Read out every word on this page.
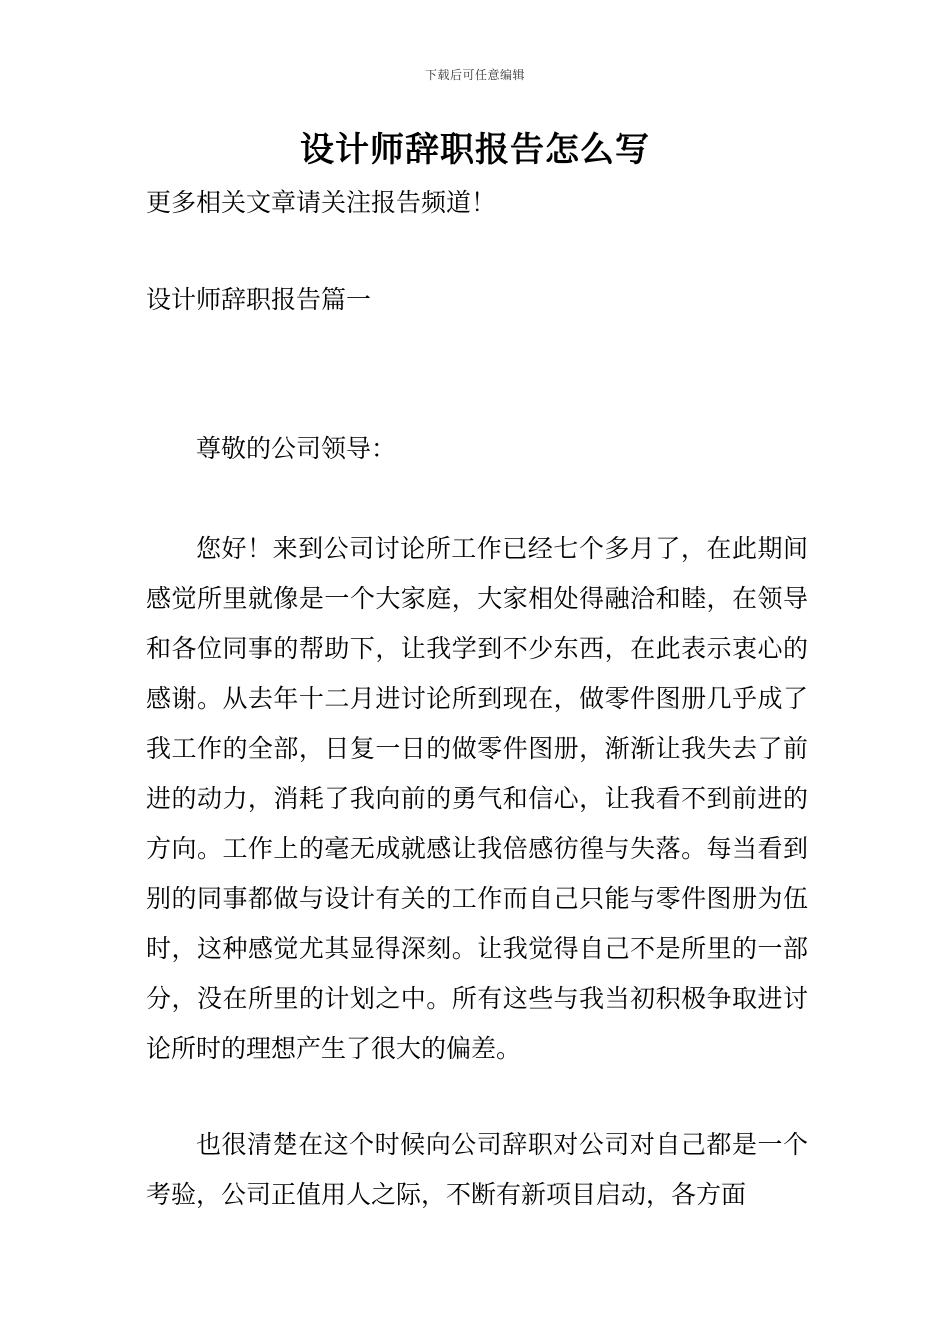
下载后可任意编辑
设计师辞职报告怎么写

更多相关文章请关注报告频道！

设计师辞职报告篇一

尊敬的公司领导：

您好！来到公司讨论所工作已经七个多月了，在此期间感觉所里就像是一个大家庭，大家相处得融洽和睦，在领导和各位同事的帮助下，让我学到不少东西，在此表示衷心的感谢。从去年十二月进讨论所到现在，做零件图册几乎成了我工作的全部，日复一日的做零件图册，渐渐让我失去了前进的动力，消耗了我向前的勇气和信心，让我看不到前进的方向。工作上的毫无成就感让我倍感彷徨与失落。每当看到别的同事都做与设计有关的工作而自己只能与零件图册为伍时，这种感觉尤其显得深刻。让我觉得自己不是所里的一部分，没在所里的计划之中。所有这些与我当初积极争取进讨论所时的理想产生了很大的偏差。

也很清楚在这个时候向公司辞职对公司对自己都是一个考验，公司正值用人之际，不断有新项目启动，各方面
